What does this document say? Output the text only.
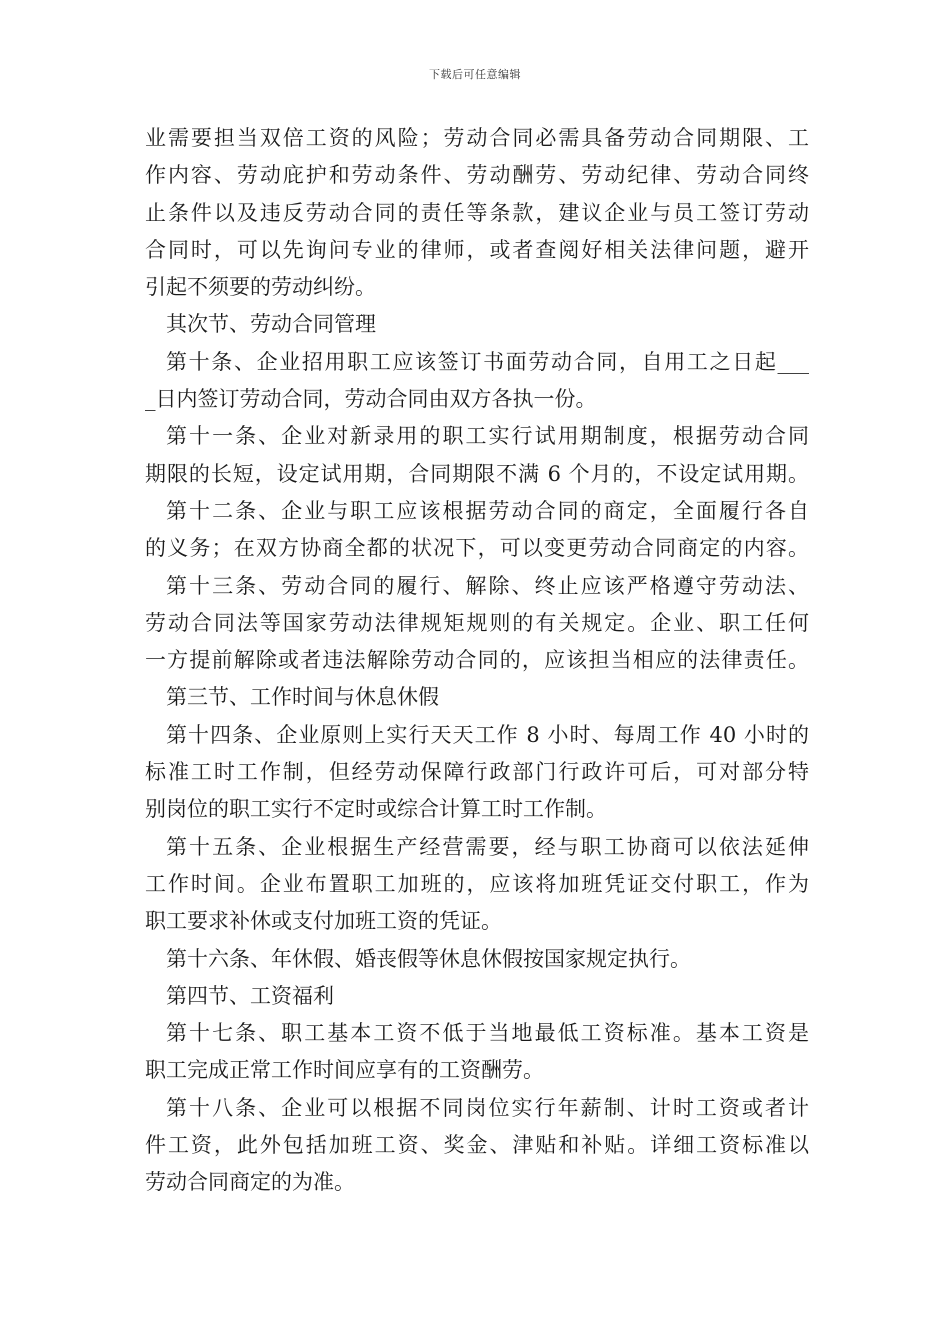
下载后可任意编辑
业需要担当双倍工资的风险；劳动合同必需具备劳动合同期限、工
作内容、劳动庇护和劳动条件、劳动酬劳、劳动纪律、劳动合同终
止条件以及违反劳动合同的责任等条款，建议企业与员工签订劳动
合同时，可以先询问专业的律师，或者查阅好相关法律问题，避开
引起不须要的劳动纠纷。
其次节、劳动合同管理
第十条、企业招用职工应该签订书面劳动合同，自用工之日起___
_日内签订劳动合同，劳动合同由双方各执一份。
第十一条、企业对新录用的职工实行试用期制度，根据劳动合同
期限的长短，设定试用期，合同期限不满 6 个月的，不设定试用期。
第十二条、企业与职工应该根据劳动合同的商定，全面履行各自
的义务；在双方协商全都的状况下，可以变更劳动合同商定的内容。
第十三条、劳动合同的履行、解除、终止应该严格遵守劳动法、
劳动合同法等国家劳动法律规矩规则的有关规定。企业、职工任何
一方提前解除或者违法解除劳动合同的，应该担当相应的法律责任。
第三节、工作时间与休息休假
第十四条、企业原则上实行天天工作 8 小时、每周工作 40 小时的
标准工时工作制，但经劳动保障行政部门行政许可后，可对部分特
别岗位的职工实行不定时或综合计算工时工作制。
第十五条、企业根据生产经营需要，经与职工协商可以依法延伸
工作时间。企业布置职工加班的，应该将加班凭证交付职工，作为
职工要求补休或支付加班工资的凭证。
第十六条、年休假、婚丧假等休息休假按国家规定执行。
第四节、工资福利
第十七条、职工基本工资不低于当地最低工资标准。基本工资是
职工完成正常工作时间应享有的工资酬劳。
第十八条、企业可以根据不同岗位实行年薪制、计时工资或者计
件工资，此外包括加班工资、奖金、津贴和补贴。详细工资标准以
劳动合同商定的为准。
